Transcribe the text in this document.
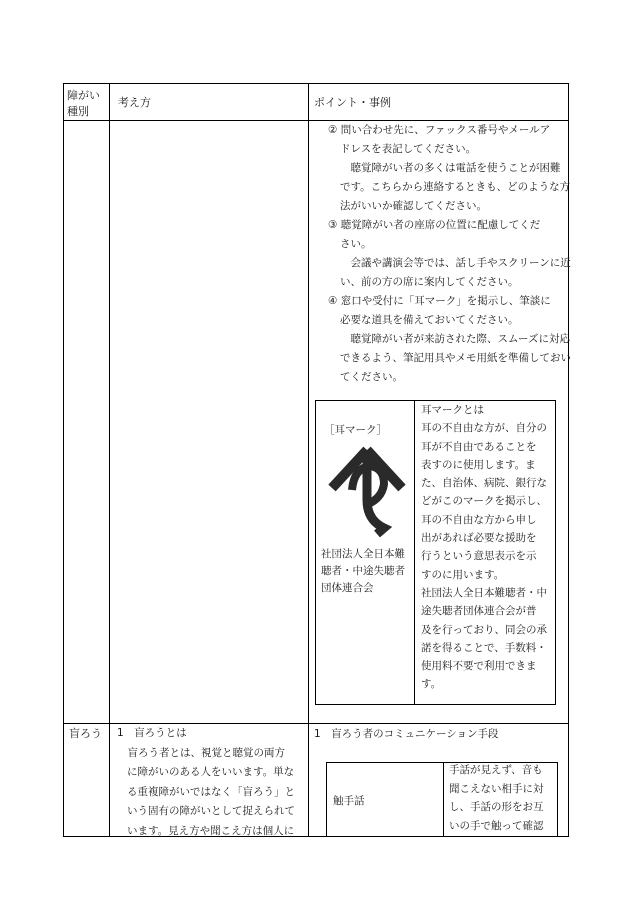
障がい
種別
考え方	ポイント・事例
② 問い合わせ先に、ファックス番号やメールア
ドレスを表記してください。
　聴覚障がい者の多くは電話を使うことが困難
です。こちらから連絡するときも、どのような方
法がいいか確認してください。
③ 聴覚障がい者の座席の位置に配慮してくだ
さい。
　会議や講演会等では、話し手やスクリーンに近
い、前の方の席に案内してください。
④ 窓口や受付に「耳マーク」を掲示し、筆談に
必要な道具を備えておいてください。
　聴覚障がい者が来訪された際、スムーズに対応
できるよう、筆記用具やメモ用紙を準備しておい
てください。
［耳マーク］
社団法人全日本難
聴者・中途失聴者
団体連合会
耳マークとは
耳の不自由な方が、自分の
耳が不自由であることを
表すのに使用します。ま
た、自治体、病院、銀行な
どがこのマークを掲示し、
耳の不自由な方から申し
出があれば必要な援助を
行うという意思表示を示
すのに用います。
社団法人全日本難聴者・中
途失聴者団体連合会が普
及を行っており、同会の承
諾を得ることで、手数料・
使用料不要で利用できま
す。
盲ろう 1　盲ろうとは
　盲ろう者とは、視覚と聴覚の両方
に障がいのある人をいいます。単な
る重複障がいではなく「盲ろう」と
いう固有の障がいとして捉えられて
います。見え方や聞こえ方は個人に
1　盲ろう者のコミュニケーション手段
触手話
手話が見えず、音も
聞こえない相手に対
し、手話の形をお互
いの手で触って確認
